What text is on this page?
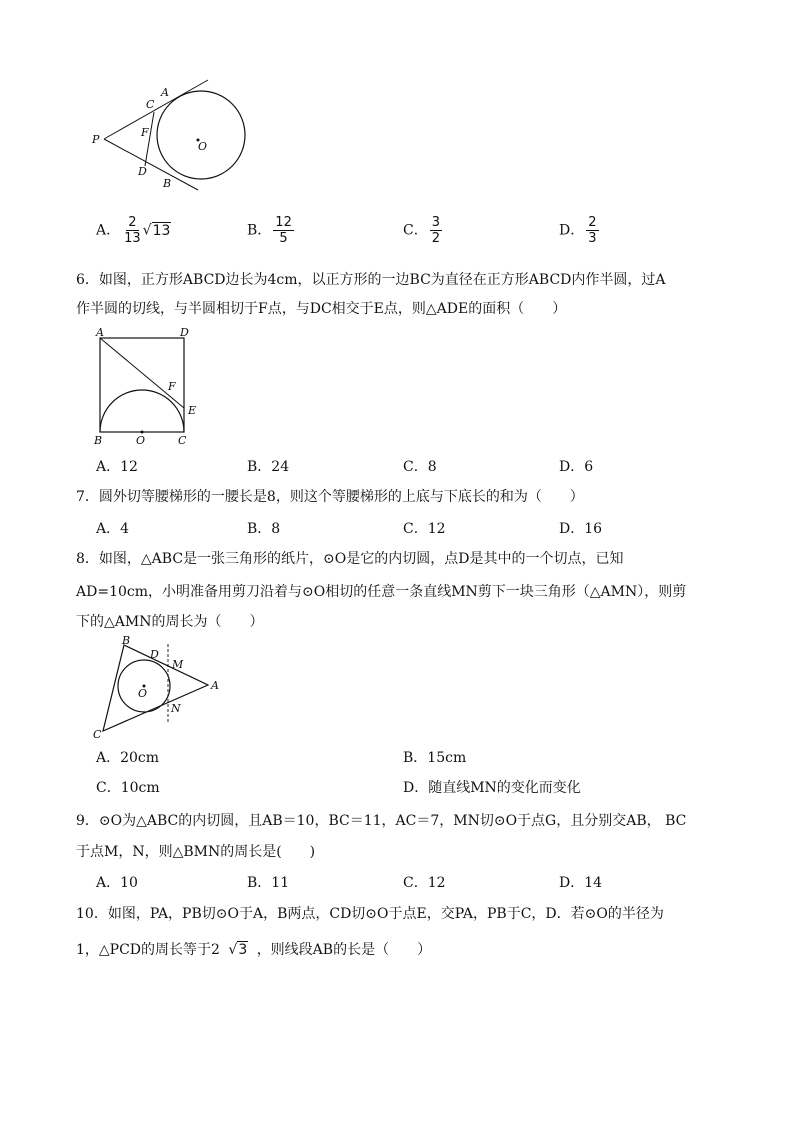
P
A
C
F
O
D
B
A． $\frac{2}{13} √13$	B． $\frac{12}{5}$	C． $\frac{3}{2}$	D． $\frac{2}{3}$
6．如图，正方形ABCD边长为4cm，以正方形的一边BC为直径在正方形ABCD内作半圆，过A
作半圆的切线，与半圆相切于F点，与DC相交于E点，则△ADE的面积（　　）
A	D
F
E
B	O	C
A．12	B．24	C．8	D．6
7．圆外切等腰梯形的一腰长是8，则这个等腰梯形的上底与下底长的和为（　　）
A．4	B．8	C．12	D．16
8．如图，△ABC是一张三角形的纸片，⊙O是它的内切圆，点D是其中的一个切点，已知
AD=10cm，小明准备用剪刀沿着与⊙O相切的任意一条直线MN剪下一块三角形（△AMN），则剪
下的△AMN的周长为（　　）
B
D
M
O
A
N
C
A．20cm	B．15cm
C．10cm	D．随直线MN的变化而变化
9．⊙O为△ABC的内切圆，且AB＝10，BC＝11，AC＝7，MN切⊙O于点G，且分别交AB， BC
于点M，N，则△BMN的周长是(　　)
A．10	B．11	C．12	D．14
10．如图，PA，PB切⊙O于A，B两点，CD切⊙O于点E，交PA，PB于C，D．若⊙O的半径为
1，△PCD的周长等于2 √3 ，则线段AB的长是（　　）
